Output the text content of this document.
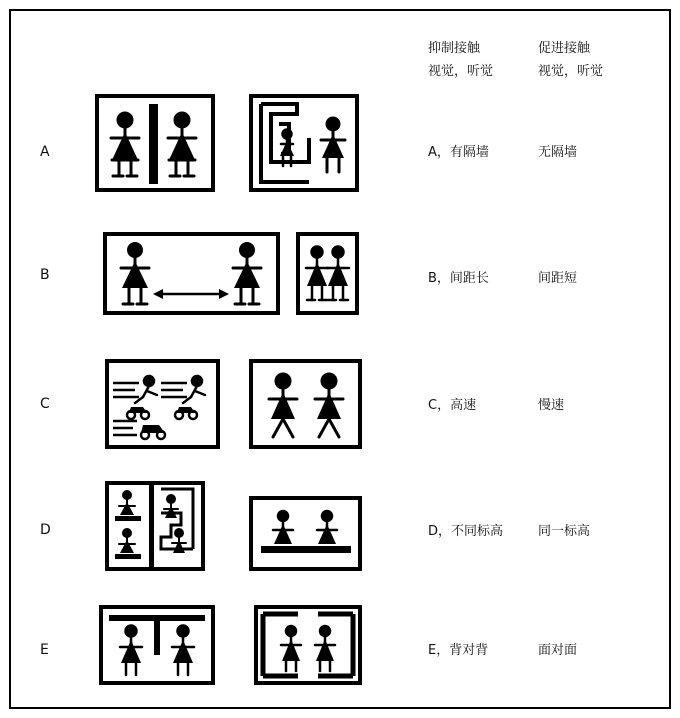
抑制接触	促进接触
视觉，听觉	视觉，听觉
A	A，有隔墙	无隔墙
B	B，间距长	间距短
C	C，高速	慢速
D	D，不同标高	同一标高
E	E，背对背	面对面
